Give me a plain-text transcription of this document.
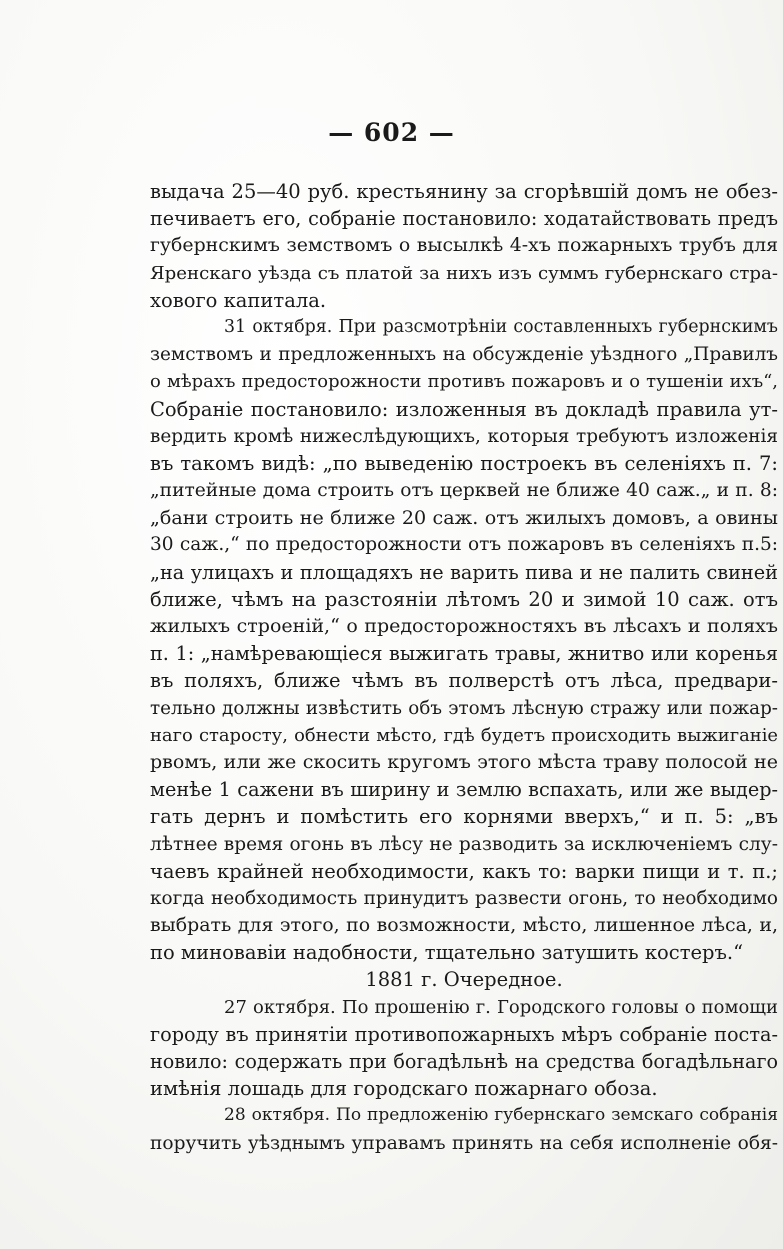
— 602 —
выдача 25—40 руб. крестьянину за сгорѣвшій домъ не обез-
печиваетъ его, собраніе постановило: ходатайствовать предъ
губернскимъ земствомъ о высылкѣ 4-хъ пожарныхъ трубъ для
Яренскаго уѣзда съ платой за нихъ изъ суммъ губернскаго стра-
хового капитала.
31 октября. При разсмотрѣніи составленныхъ губернскимъ
земствомъ и предложенныхъ на обсужденіе уѣздного „Правилъ
о мѣрахъ предосторожности противъ пожаровъ и о тушеніи ихъ“,
Собраніе постановило: изложенныя въ докладѣ правила ут-
вердить кромѣ нижеслѣдующихъ, которыя требуютъ изложенія
въ такомъ видѣ: „по выведенію построекъ въ селеніяхъ п. 7:
„питейные дома строить отъ церквей не ближе 40 саж.„ и п. 8:
„бани строить не ближе 20 саж. отъ жилыхъ домовъ, а овины
30 саж.,“ по предосторожности отъ пожаровъ въ селеніяхъ п.5:
„на улицахъ и площадяхъ не варить пива и не палить свиней
ближе, чѣмъ на разстояніи лѣтомъ 20 и зимой 10 саж. отъ
жилыхъ строеній,“ о предосторожностяхъ въ лѣсахъ и поляхъ
п. 1: „намѣревающіеся выжигать травы, жнитво или коренья
въ поляхъ, ближе чѣмъ въ полверстѣ отъ лѣса, предвари-
тельно должны извѣстить объ этомъ лѣсную стражу или пожар-
наго старосту, обнести мѣсто, гдѣ будетъ происходить выжиганіе
рвомъ, или же скосить кругомъ этого мѣста траву полосой не
менѣе 1 сажени въ ширину и землю вспахать, или же выдер-
гать дернъ и помѣстить его корнями вверхъ,“ и п. 5: „въ
лѣтнее время огонь въ лѣсу не разводить за исключеніемъ слу-
чаевъ крайней необходимости, какъ то: варки пищи и т. п.;
когда необходимость принудитъ развести огонь, то необходимо
выбрать для этого, по возможности, мѣсто, лишенное лѣса, и,
по миновавіи надобности, тщательно затушить костеръ.“
1881 г. Очередное.
27 октября. По прошенію г. Городского головы о помощи
городу въ принятіи противопожарныхъ мѣръ собраніе поста-
новило: содержать при богадѣльнѣ на средства богадѣльнаго
имѣнія лошадь для городскаго пожарнаго обоза.
28 октября. По предложенію губернскаго земскаго собранія
поручить уѣзднымъ управамъ принять на себя исполненіе обя-
